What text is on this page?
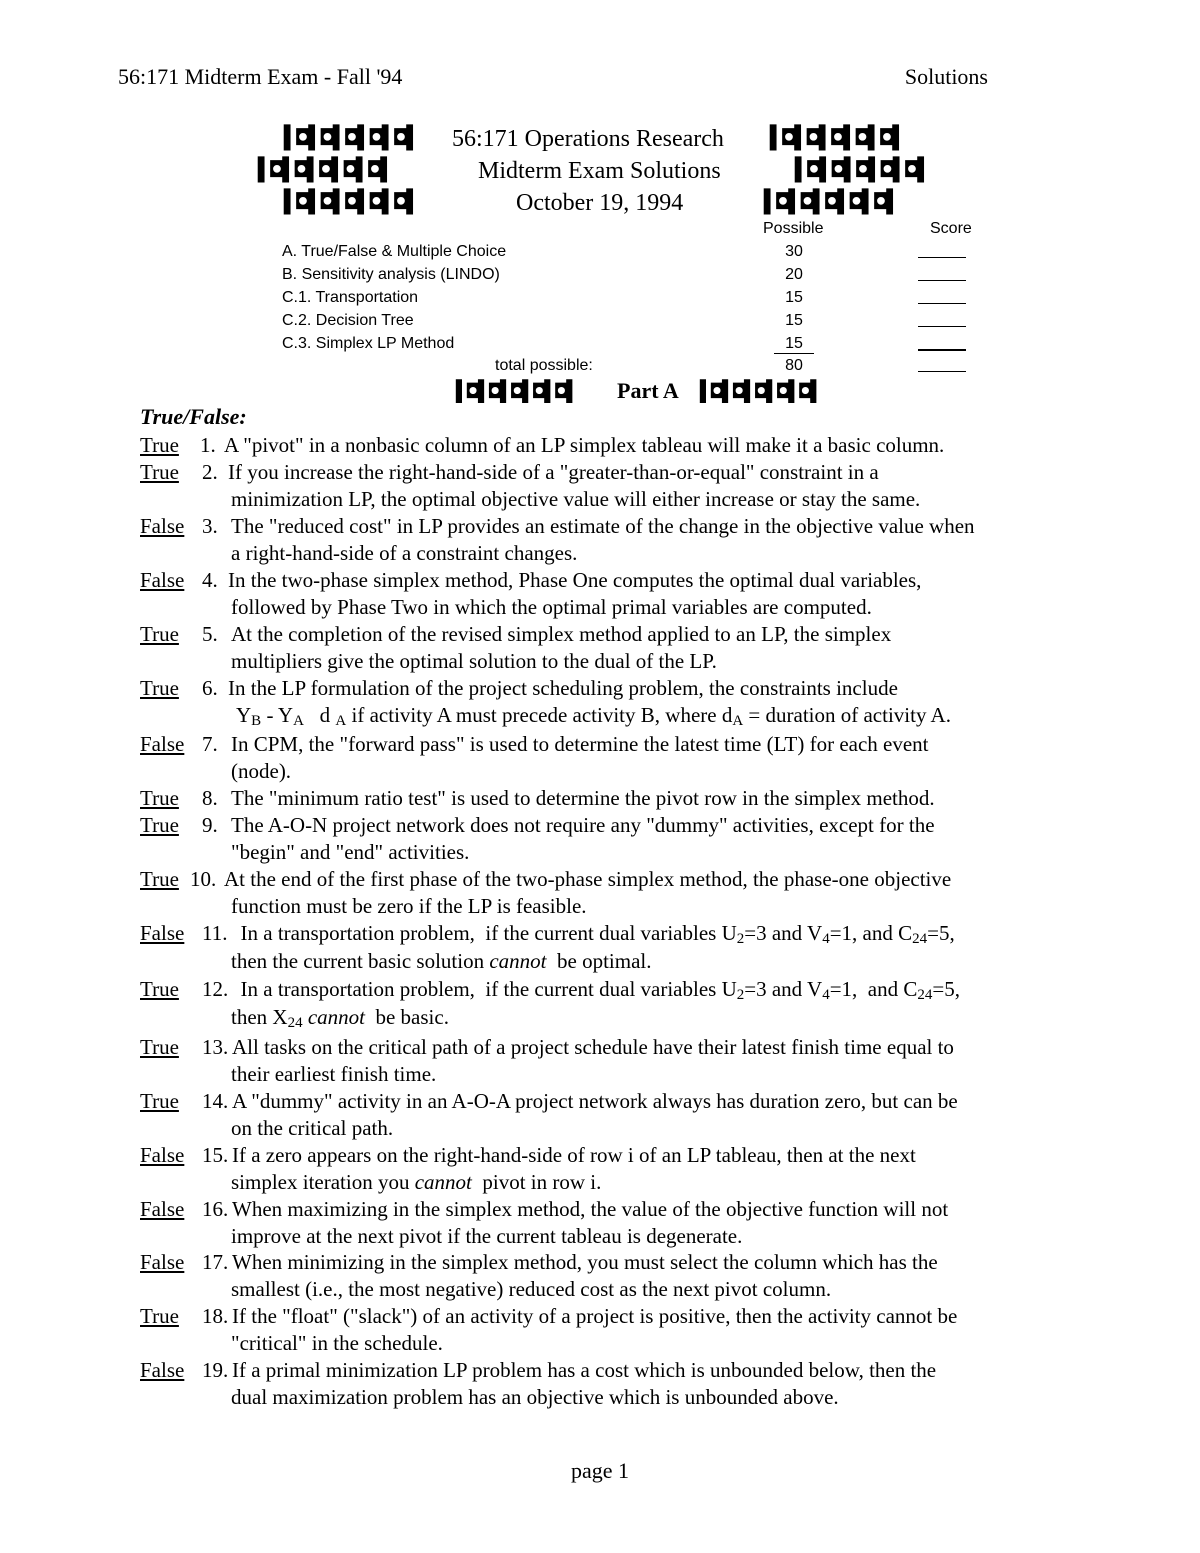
56:171 Midterm Exam - Fall '94	Solutions
▌◘▌◘▌◘▌◘▌◘▌ 56:171 Operations Research ▌◘▌◘▌◘▌◘▌◘▌
▌◘▌◘▌◘▌◘▌◘▌	Midterm Exam Solutions	▌◘▌◘▌◘▌◘▌◘▌
▌◘▌◘▌◘▌◘▌◘▌	October 19, 1994	▌◘▌◘▌◘▌◘▌◘▌
Possible	Score
A. True/False & Multiple Choice	30
B. Sensitivity analysis (LINDO)	20
C.1. Transportation	15
C.2. Decision Tree	15
C.3. Simplex LP Method	15
total possible:	80
▌◘▌◘▌◘▌◘▌◘▌ Part A ▌◘▌◘▌◘▌◘▌◘▌
True/False:
True 1. A "pivot" in a nonbasic column of an LP simplex tableau will make it a basic column.
True 2. If you increase the right-hand-side of a "greater-than-or-equal" constraint in a
minimization LP, the optimal objective value will either increase or stay the same.
False 3. The "reduced cost" in LP provides an estimate of the change in the objective value when
a right-hand-side of a constraint changes.
False 4. In the two-phase simplex method, Phase One computes the optimal dual variables,
followed by Phase Two in which the optimal primal variables are computed.
True 5. At the completion of the revised simplex method applied to an LP, the simplex
multipliers give the optimal solution to the dual of the LP.
True 6. In the LP formulation of the project scheduling problem, the constraints include
$Y_B - Y_A$   d $_A$ if activity A must precede activity B, where $d_A$ = duration of activity A.
False 7. In CPM, the "forward pass" is used to determine the latest time (LT) for each event
(node).
True 8. The "minimum ratio test" is used to determine the pivot row in the simplex method.
True 9. The A-O-N project network does not require any "dummy" activities, except for the
"begin" and "end" activities.
True 10. At the end of the first phase of the two-phase simplex method, the phase-one objective
function must be zero if the LP is feasible.
False 11. In a transportation problem,  if the current dual variables $U_2=3$ and $V_4=1$, and $C_{24}=5$,
then the current basic solution cannot  be optimal.
True 12. In a transportation problem,  if the current dual variables $U_2=3$ and $V_4=1$,  and $C_{24}=5$,
then $X_{24}$ cannot  be basic.
True 13. All tasks on the critical path of a project schedule have their latest finish time equal to
their earliest finish time.
True 14. A "dummy" activity in an A-O-A project network always has duration zero, but can be
on the critical path.
False 15. If a zero appears on the right-hand-side of row i of an LP tableau, then at the next
simplex iteration you cannot  pivot in row i.
False 16. When maximizing in the simplex method, the value of the objective function will not
improve at the next pivot if the current tableau is degenerate.
False 17. When minimizing in the simplex method, you must select the column which has the
smallest (i.e., the most negative) reduced cost as the next pivot column.
True 18. If the "float" ("slack") of an activity of a project is positive, then the activity cannot be
"critical" in the schedule.
False 19. If a primal minimization LP problem has a cost which is unbounded below, then the
dual maximization problem has an objective which is unbounded above.
page 1
